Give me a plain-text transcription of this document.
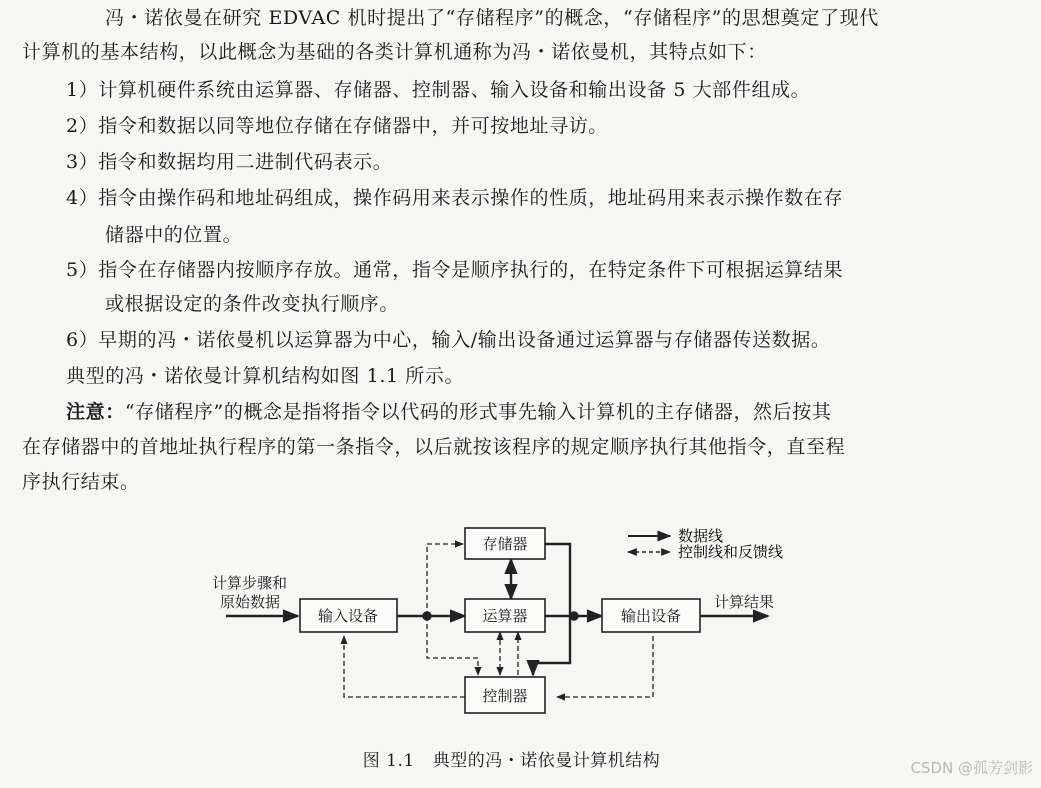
冯・诺依曼在研究 EDVAC 机时提出了“存储程序”的概念，“存储程序”的思想奠定了现代
计算机的基本结构，以此概念为基础的各类计算机通称为冯・诺依曼机，其特点如下：
1）计算机硬件系统由运算器、存储器、控制器、输入设备和输出设备 5 大部件组成。
2）指令和数据以同等地位存储在存储器中，并可按地址寻访。
3）指令和数据均用二进制代码表示。
4）指令由操作码和地址码组成，操作码用来表示操作的性质，地址码用来表示操作数在存
储器中的位置。
5）指令在存储器内按顺序存放。通常，指令是顺序执行的，在特定条件下可根据运算结果
或根据设定的条件改变执行顺序。
6）早期的冯・诺依曼机以运算器为中心，输入/输出设备通过运算器与存储器传送数据。
典型的冯・诺依曼计算机结构如图 1.1 所示。
注意：“存储程序”的概念是指将指令以代码的形式事先输入计算机的主存储器，然后按其
在存储器中的首地址执行程序的第一条指令，以后就按该程序的规定顺序执行其他指令，直至程
序执行结束。
数据线
控制线和反馈线
存储器
运算器
输入设备	输出设备
控制器
计算步骤和
原始数据	计算结果
图 1.1 典型的冯・诺依曼计算机结构	CSDN @孤芳剑影
